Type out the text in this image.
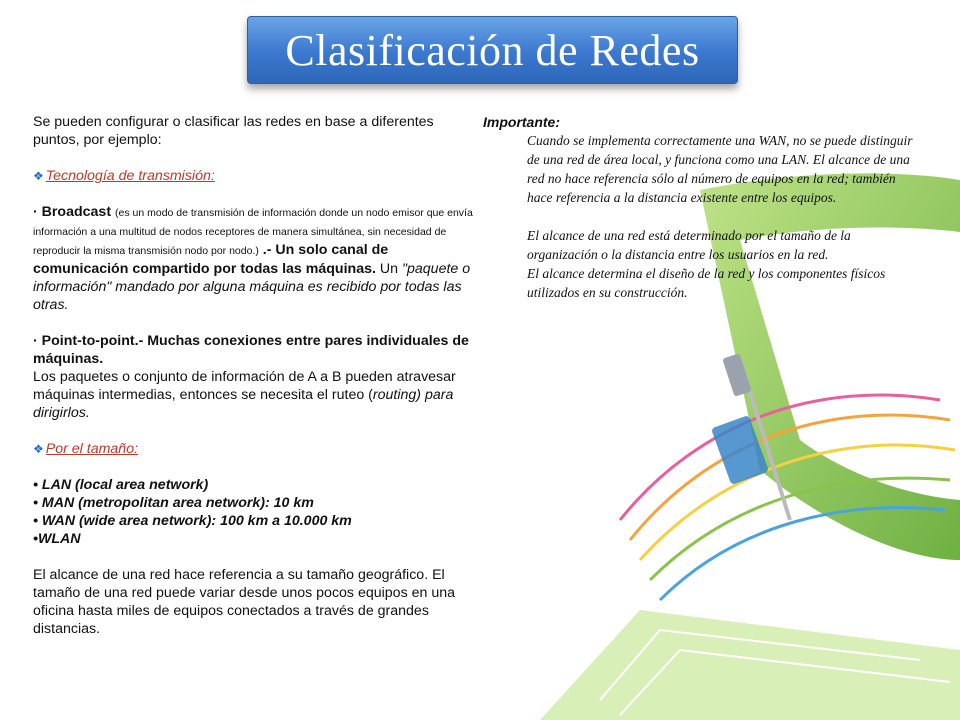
Clasificación de Redes

Se pueden configurar o clasificar las redes en base a diferentes puntos, por ejemplo:

❖ Tecnología de transmisión:

· Broadcast (es un modo de transmisión de información donde un nodo emisor que envía información a una multitud de nodos receptores de manera simultánea, sin necesidad de reproducir la misma transmisión nodo por nodo.) .- Un solo canal de comunicación compartido por todas las máquinas. Un "paquete o información" mandado por alguna máquina es recibido por todas las otras.

· Point-to-point.- Muchas conexiones entre pares individuales de máquinas.

Los paquetes o conjunto de información de A a B pueden atravesar máquinas intermedias, entonces se necesita el ruteo (routing) para dirigirlos.

❖ Por el tamaño:

• LAN (local area network)

• MAN (metropolitan area network): 10 km

• WAN (wide area network): 100 km a 10.000 km

•WLAN

El alcance de una red hace referencia a su tamaño geográfico. El tamaño de una red puede variar desde unos pocos equipos en una oficina hasta miles de equipos conectados a través de grandes distancias.

Importante:

Cuando se implementa correctamente una WAN, no se puede distinguir de una red de área local, y funciona como una LAN. El alcance de una red no hace referencia sólo al número de equipos en la red; también hace referencia a la distancia existente entre los equipos.

El alcance de una red está determinado por el tamaño de la organización o la distancia entre los usuarios en la red.

El alcance determina el diseño de la red y los componentes físicos utilizados en su construcción.
